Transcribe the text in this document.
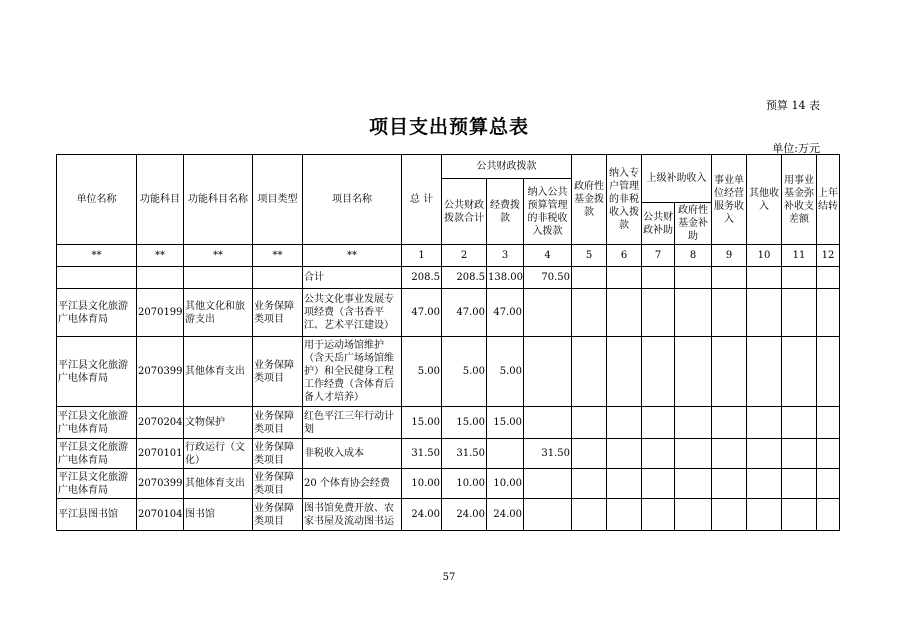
预算 14 表
项目支出预算总表
单位:万元
单位名称	功能科目	功能科目名称	项目类型	项目名称	总 计	公共财政拨款			政府性基金拨款	纳入专户管理的非税收入拨款	上级补助收入		事业单位经营服务收入	其他收入	用事业基金弥补收支差额	上年结转
						公共财政拨款合计	经费拨款	纳入公共预算管理的非税收入拨款								
											公共财政补助	政府性基金补助				
**	**	**	**	**	1	2	3	4	5	6	7	8	9	10	11	12
				合计	208.5	208.5	138.00	70.50								
平江县文化旅游广电体育局	2070199	其他文化和旅游支出	业务保障类项目	公共文化事业发展专项经费（含书香平江、艺术平江建设）	47.00	47.00	47.00									
平江县文化旅游广电体育局	2070399	其他体育支出	业务保障类项目	用于运动场馆维护（含天岳广场场馆维护）和全民健身工程工作经费（含体育后备人才培养）	5.00	5.00	5.00									
平江县文化旅游广电体育局	2070204	文物保护	业务保障类项目	红色平江三年行动计划	15.00	15.00	15.00									
平江县文化旅游广电体育局	2070101	行政运行（文化）	业务保障类项目	非税收入成本	31.50	31.50		31.50								
平江县文化旅游广电体育局	2070399	其他体育支出	业务保障类项目	20 个体育协会经费	10.00	10.00	10.00									
平江县图书馆	2070104	图书馆	业务保障类项目	图书馆免费开放、农家书屋及流动图书运	24.00	24.00	24.00									
57
